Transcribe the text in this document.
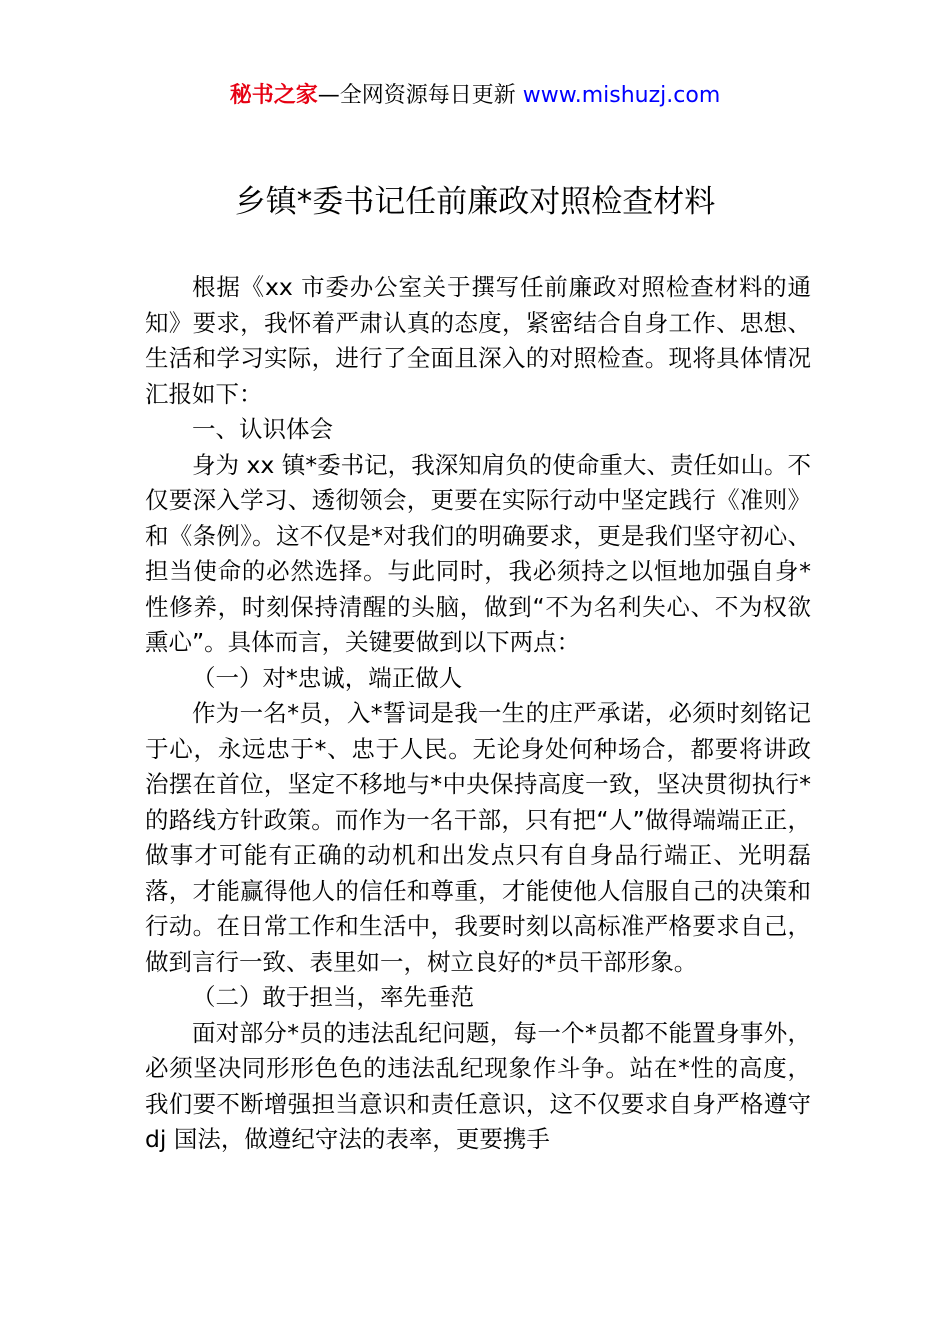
秘书之家—全网资源每日更新 www.mishuzj.com
乡镇*委书记任前廉政对照检查材料

根据《xx 市委办公室关于撰写任前廉政对照检查材料的通知》要求，我怀着严肃认真的态度，紧密结合自身工作、思想、生活和学习实际，进行了全面且深入的对照检查。现将具体情况汇报如下：

一、认识体会

身为 xx 镇*委书记，我深知肩负的使命重大、责任如山。不仅要深入学习、透彻领会，更要在实际行动中坚定践行《准则》和《条例》。这不仅是*对我们的明确要求，更是我们坚守初心、担当使命的必然选择。与此同时，我必须持之以恒地加强自身*性修养，时刻保持清醒的头脑，做到“不为名利失心、不为权欲熏心”。具体而言，关键要做到以下两点：

（一）对*忠诚，端正做人

作为一名*员，入*誓词是我一生的庄严承诺，必须时刻铭记于心，永远忠于*、忠于人民。无论身处何种场合，都要将讲政治摆在首位，坚定不移地与*中央保持高度一致，坚决贯彻执行*的路线方针政策。而作为一名干部，只有把“人”做得端端正正，做事才可能有正确的动机和出发点只有自身品行端正、光明磊落，才能赢得他人的信任和尊重，才能使他人信服自己的决策和行动。在日常工作和生活中，我要时刻以高标准严格要求自己，做到言行一致、表里如一，树立良好的*员干部形象。

（二）敢于担当，率先垂范

面对部分*员的违法乱纪问题，每一个*员都不能置身事外，必须坚决同形形色色的违法乱纪现象作斗争。站在*性的高度，我们要不断增强担当意识和责任意识，这不仅要求自身严格遵守 dj 国法，做遵纪守法的表率，更要携手
